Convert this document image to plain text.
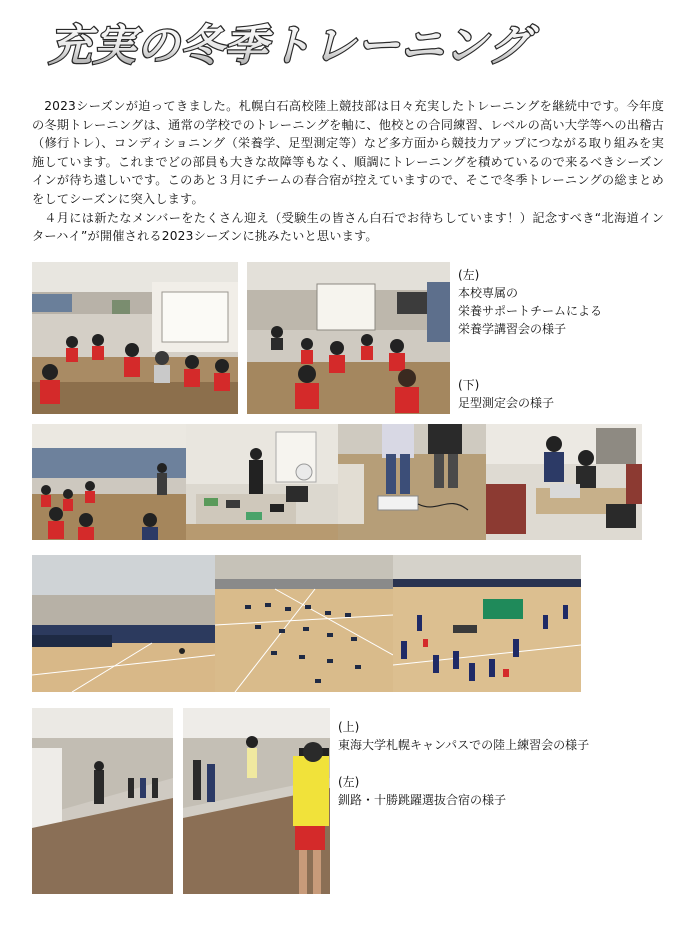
充実の冬季トレーニング

2023シーズンが迫ってきました。札幌白石高校陸上競技部は日々充実したトレーニングを継続中です。今年度の冬期トレーニングは、通常の学校でのトレーニングを軸に、他校との合同練習、レベルの高い大学等への出稽古（修行トレ）、コンディショニング（栄養学、足型測定等）など多方面から競技力アップにつながる取り組みを実施しています。これまでどの部員も大きな故障等もなく、順調にトレーニングを積めているので来るべきシーズンインが待ち遠しいです。このあと３月にチームの春合宿が控えていますので、そこで冬季トレーニングの総まとめをしてシーズンに突入します。

４月には新たなメンバーをたくさん迎え（受験生の皆さん白石でお待ちしています！）記念すべき“北海道インターハイ”が開催される2023シーズンに挑みたいと思います。

(左)
本校専属の
栄養サポートチームによる
栄養学講習会の様子
(下)
足型測定会の様子
(上)
東海大学札幌キャンパスでの陸上練習会の様子
(左)
釧路・十勝跳躍選抜合宿の様子
